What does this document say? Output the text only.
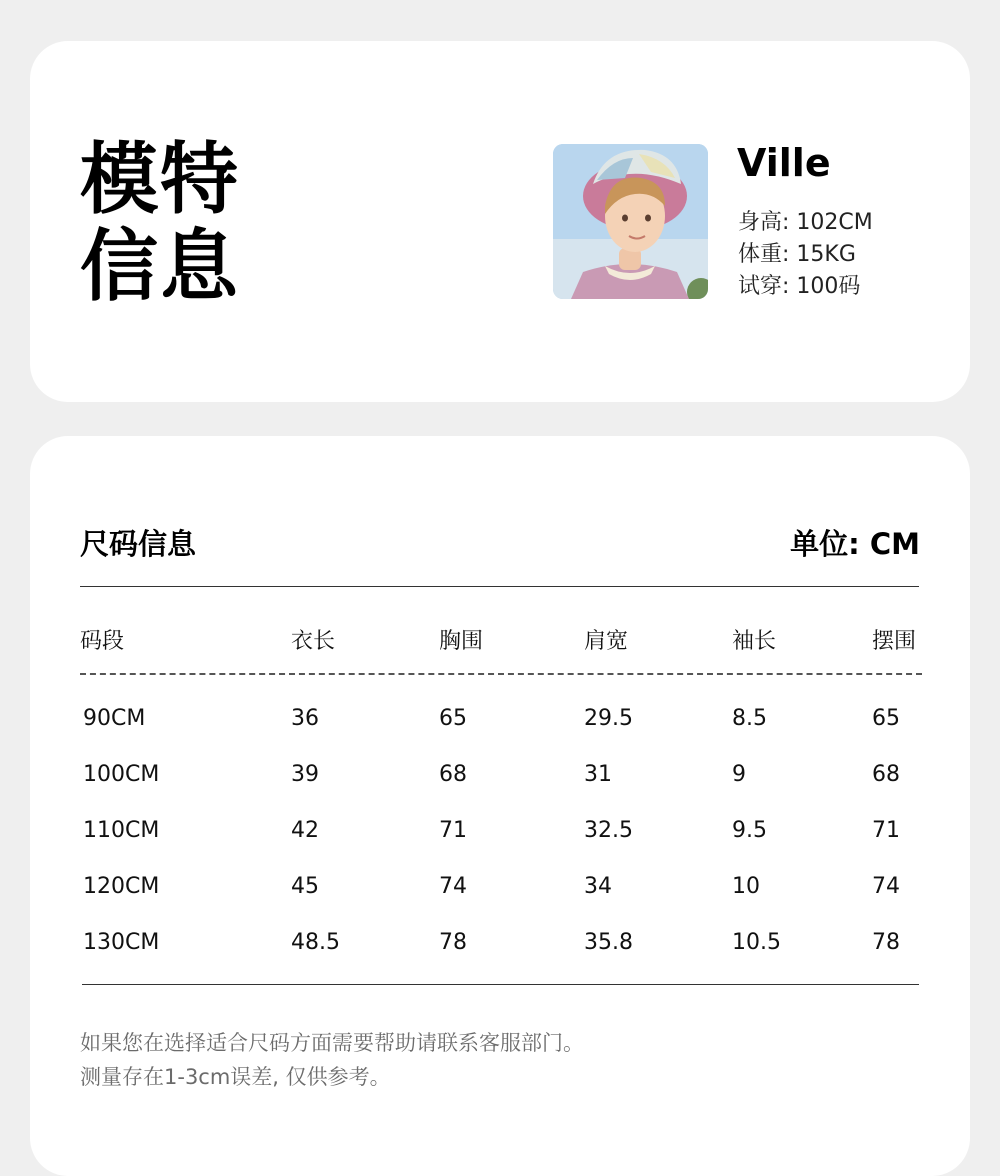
模特
信息
Ville
身高: 102CM
体重: 15KG
试穿: 100码
尺码信息	单位: CM
码段	衣长	胸围	肩宽	袖长	摆围
90CM	36	65	29.5	8.5	65
100CM	39	68	31	9	68
110CM	42	71	32.5	9.5	71
120CM	45	74	34	10	74
130CM	48.5	78	35.8	10.5	78
如果您在选择适合尺码方面需要帮助请联系客服部门。
测量存在1-3cm误差, 仅供参考。
